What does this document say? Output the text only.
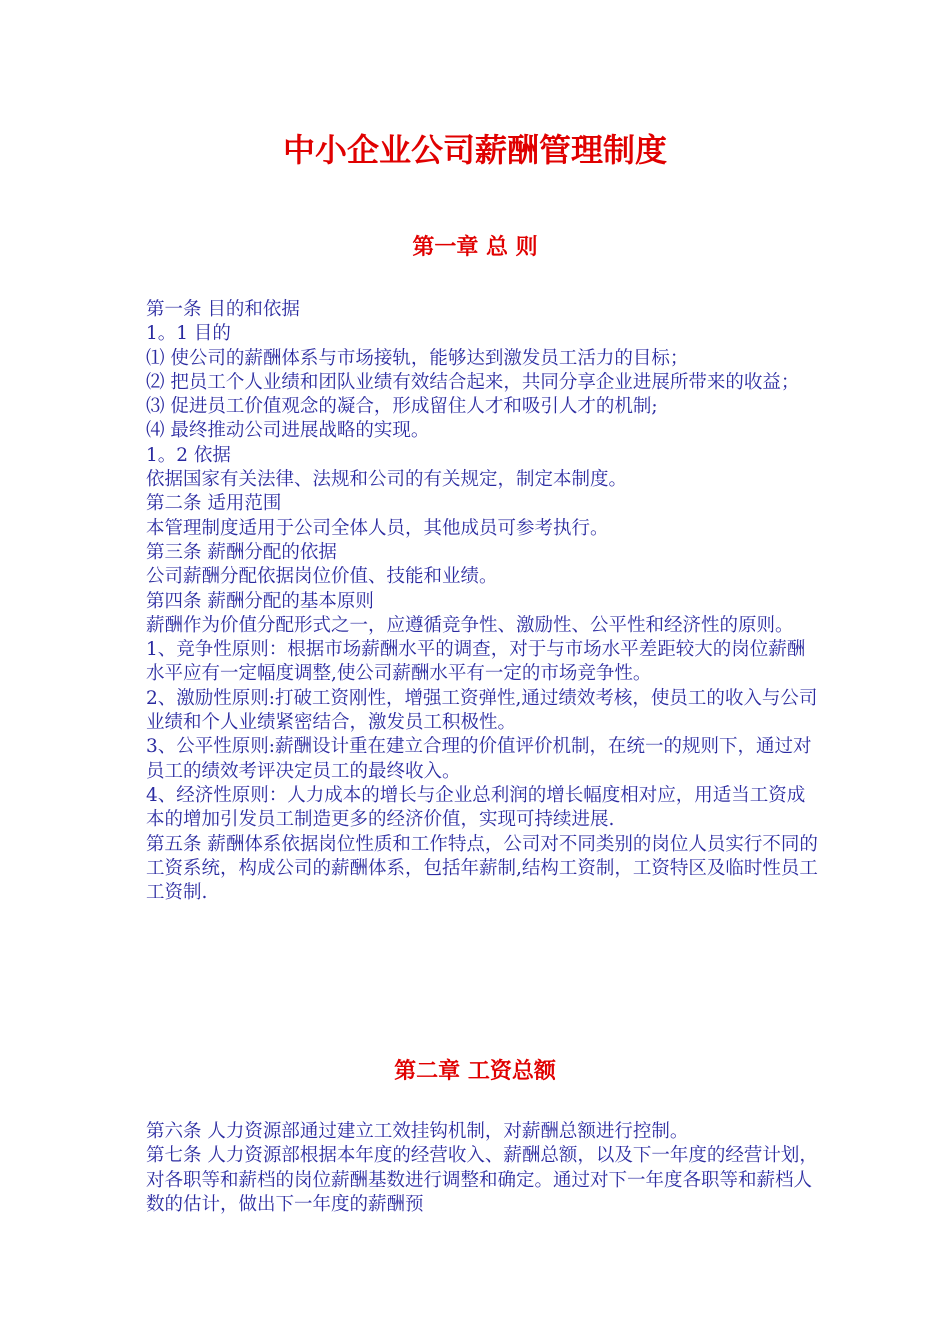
中小企业公司薪酬管理制度
第一章 总 则

第一条 目的和依据

1。1 目的

⑴ 使公司的薪酬体系与市场接轨，能够达到激发员工活力的目标；

⑵ 把员工个人业绩和团队业绩有效结合起来，共同分享企业进展所带来的收益；

⑶ 促进员工价值观念的凝合，形成留住人才和吸引人才的机制;

⑷ 最终推动公司进展战略的实现。

1。2 依据

依据国家有关法律、法规和公司的有关规定，制定本制度。

第二条 适用范围

本管理制度适用于公司全体人员，其他成员可参考执行。

第三条 薪酬分配的依据

公司薪酬分配依据岗位价值、技能和业绩。

第四条 薪酬分配的基本原则

薪酬作为价值分配形式之一，应遵循竞争性、激励性、公平性和经济性的原则。

1、竞争性原则：根据市场薪酬水平的调查，对于与市场水平差距较大的岗位薪酬水平应有一定幅度调整,使公司薪酬水平有一定的市场竞争性。

2、激励性原则:打破工资刚性，增强工资弹性,通过绩效考核，使员工的收入与公司业绩和个人业绩紧密结合，激发员工积极性。

3、公平性原则:薪酬设计重在建立合理的价值评价机制，在统一的规则下，通过对员工的绩效考评决定员工的最终收入。

4、经济性原则：人力成本的增长与企业总利润的增长幅度相对应，用适当工资成本的增加引发员工制造更多的经济价值，实现可持续进展.

第五条 薪酬体系依据岗位性质和工作特点，公司对不同类别的岗位人员实行不同的工资系统，构成公司的薪酬体系，包括年薪制,结构工资制，工资特区及临时性员工工资制.

第二章 工资总额

第六条 人力资源部通过建立工效挂钩机制，对薪酬总额进行控制。

第七条 人力资源部根据本年度的经营收入、薪酬总额，以及下一年度的经营计划，对各职等和薪档的岗位薪酬基数进行调整和确定。通过对下一年度各职等和薪档人数的估计，做出下一年度的薪酬预
